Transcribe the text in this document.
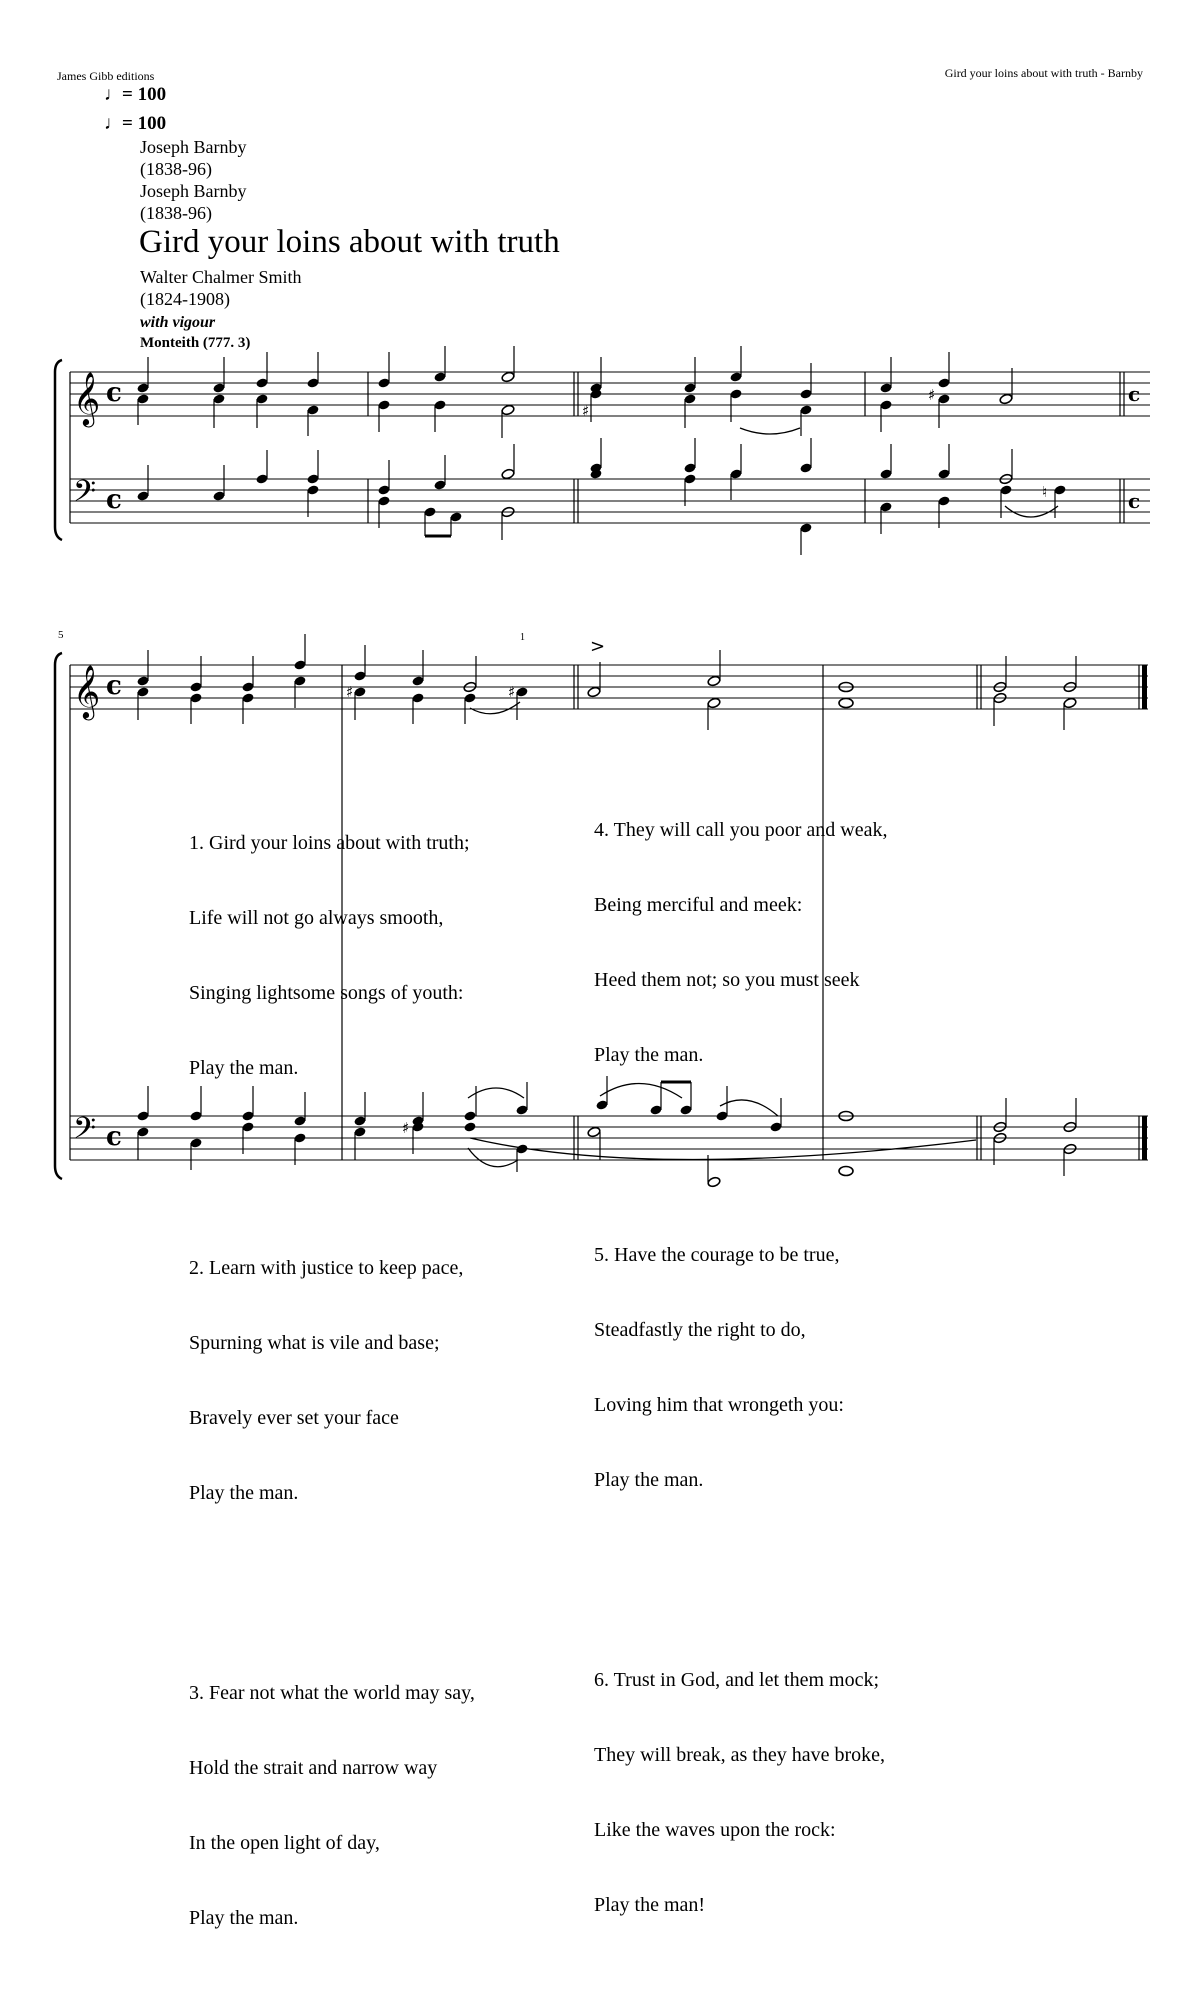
James Gibb editions	Gird your loins about with truth - Barnby
♩= 100
♩= 100
Joseph Barnby
(1838-96)
Joseph Barnby
(1838-96)
Gird your loins about with truth
Walter Chalmer Smith
(1824-1908)
with vigour
Monteith (777. 3)
𝄞
𝄢
𝄞
𝄢
c
c
c
c
c
c
5	1
♯
♯
♮
♯	♯
>
♯

1. Gird your loins about with truth;

Life will not go always smooth,

Singing lightsome songs of youth:

Play the man.

2. Learn with justice to keep pace,

Spurning what is vile and base;

Bravely ever set your face

Play the man.

3. Fear not what the world may say,

Hold the strait and narrow way

In the open light of day,

Play the man.

4. They will call you poor and weak,

Being merciful and meek:

Heed them not; so you must seek

Play the man.

5. Have the courage to be true,

Steadfastly the right to do,

Loving him that wrongeth you:

Play the man.

6. Trust in God, and let them mock;

They will break, as they have broke,

Like the waves upon the rock:

Play the man!
